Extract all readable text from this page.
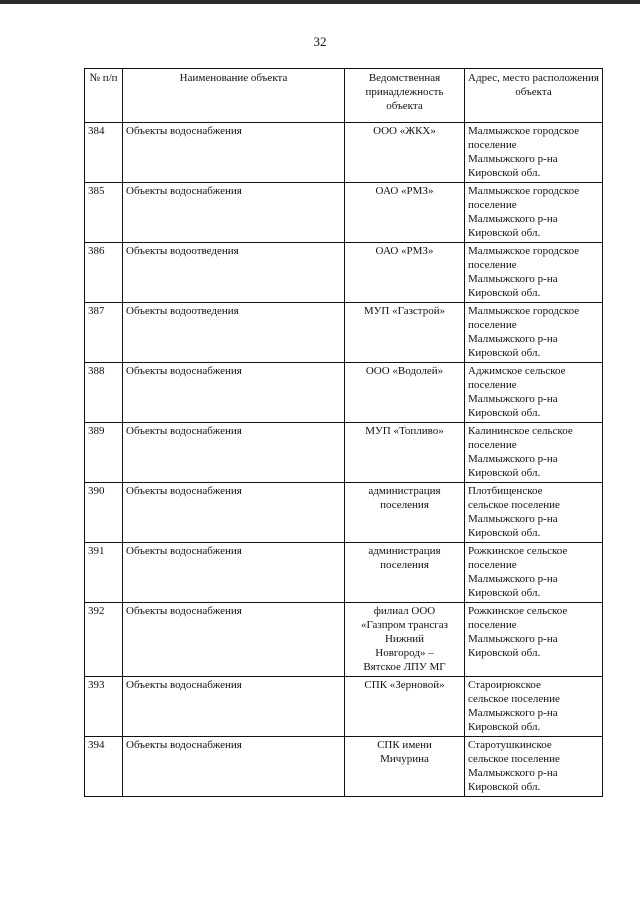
32
№ п/п	Наименование объекта	Ведомственная принадлежность объекта	Адрес, место расположения объекта
384	Объекты водоснабжения	ООО «ЖКХ»	Малмыжское городское
поселение
Малмыжского р-на
Кировской обл.

385	Объекты водоснабжения	ОАО «РМЗ»	Малмыжское городское
поселение
Малмыжского р-на
Кировской обл.

386	Объекты водоотведения	ОАО «РМЗ»	Малмыжское городское
поселение
Малмыжского р-на
Кировской обл.

387	Объекты водоотведения	МУП «Газстрой»	Малмыжское городское
поселение
Малмыжского р-на
Кировской обл.

388	Объекты водоснабжения	ООО «Водолей»	Аджимское сельское
поселение
Малмыжского р-на
Кировской обл.

389	Объекты водоснабжения	МУП «Топливо»	Калининское сельское
поселение
Малмыжского р-на
Кировской обл.

390	Объекты водоснабжения	администрация
поселения	Плотбищенское
сельское поселение
Малмыжского р-на
Кировской обл.

391	Объекты водоснабжения	администрация
поселения	Рожкинское сельское
поселение
Малмыжского р-на
Кировской обл.

392	Объекты водоснабжения	филиал ООО
«Газпром трансгаз
Нижний
Новгород» –
Вятское ЛПУ МГ	Рожкинское сельское
поселение
Малмыжского р-на
Кировской обл.

393	Объекты водоснабжения	СПК «Зерновой»	Староирюкское
сельское поселение
Малмыжского р-на
Кировской обл.

394	Объекты водоснабжения	СПК имени
Мичурина	Старотушкинское
сельское поселение
Малмыжского р-на
Кировской обл.
